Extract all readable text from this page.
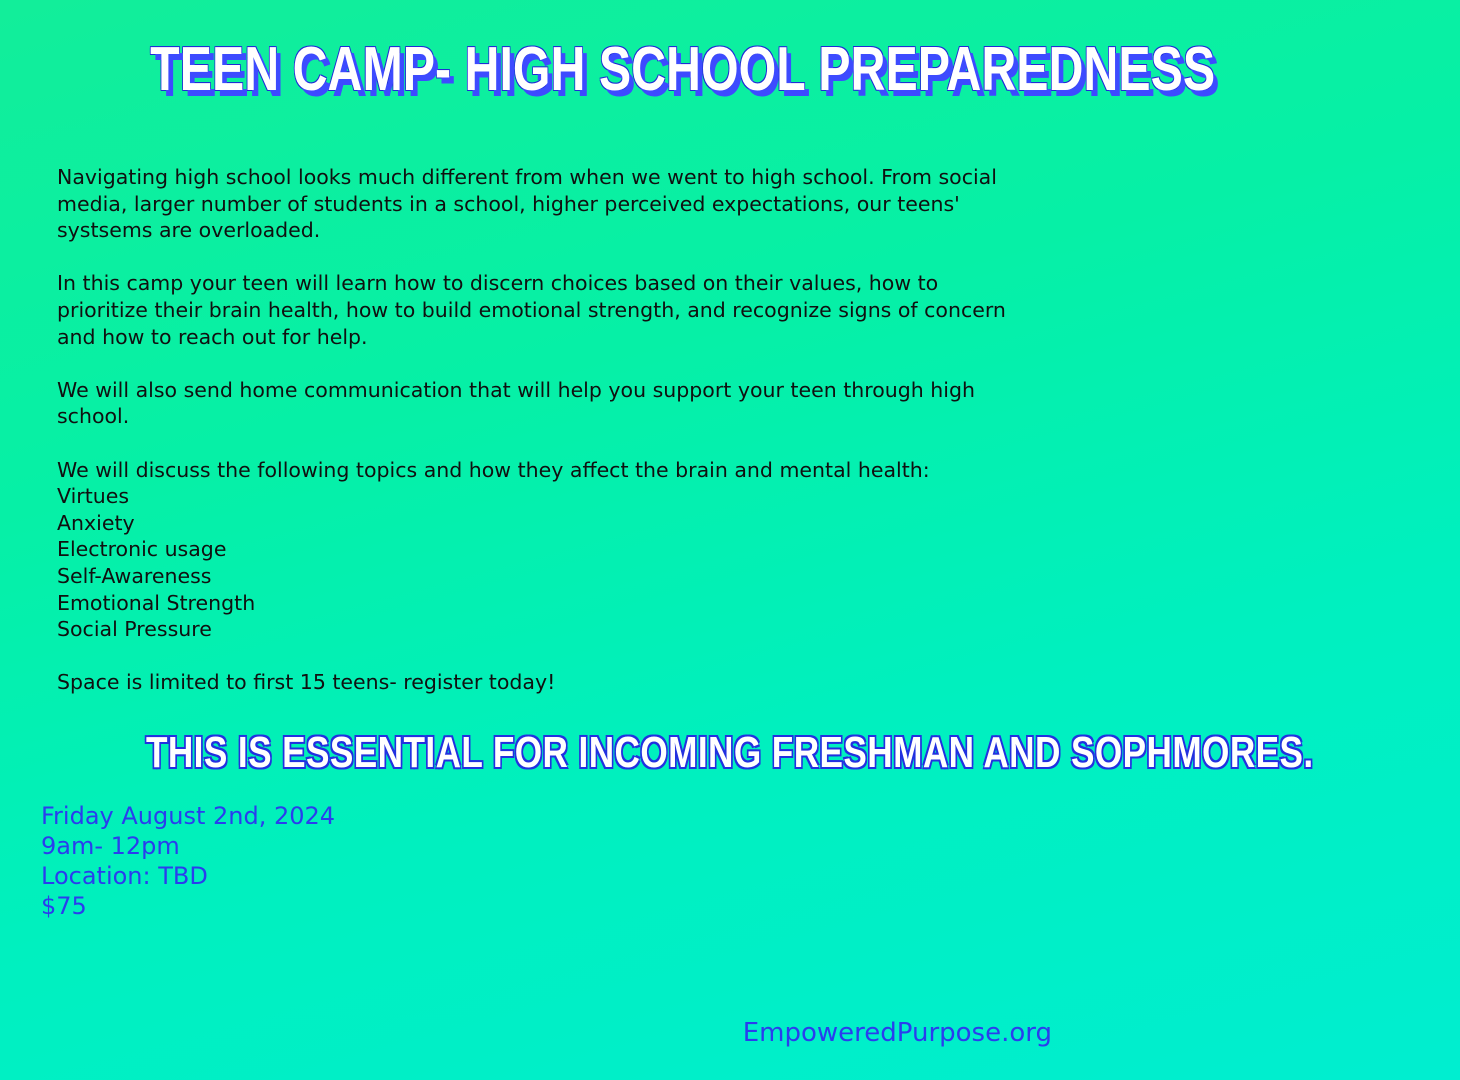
TEEN CAMP- HIGH SCHOOL PREPAREDNESS

Navigating high school looks much different from when we went to high school. From social media, larger number of students in a school, higher perceived expectations, our teens' systsems are overloaded.

In this camp your teen will learn how to discern choices based on their values, how to prioritize their brain health, how to build emotional strength, and recognize signs of concern and how to reach out for help.

We will also send home communication that will help you support your teen through high school.

We will discuss the following topics and how they affect the brain and mental health:

Virtues

Anxiety

Electronic usage

Self-Awareness

Emotional Strength

Social Pressure

Space is limited to first 15 teens- register today!

THIS IS ESSENTIAL FOR INCOMING FRESHMAN AND SOPHMORES.
Friday August 2nd, 2024
9am- 12pm
Location: TBD
$75
EmpoweredPurpose.org
